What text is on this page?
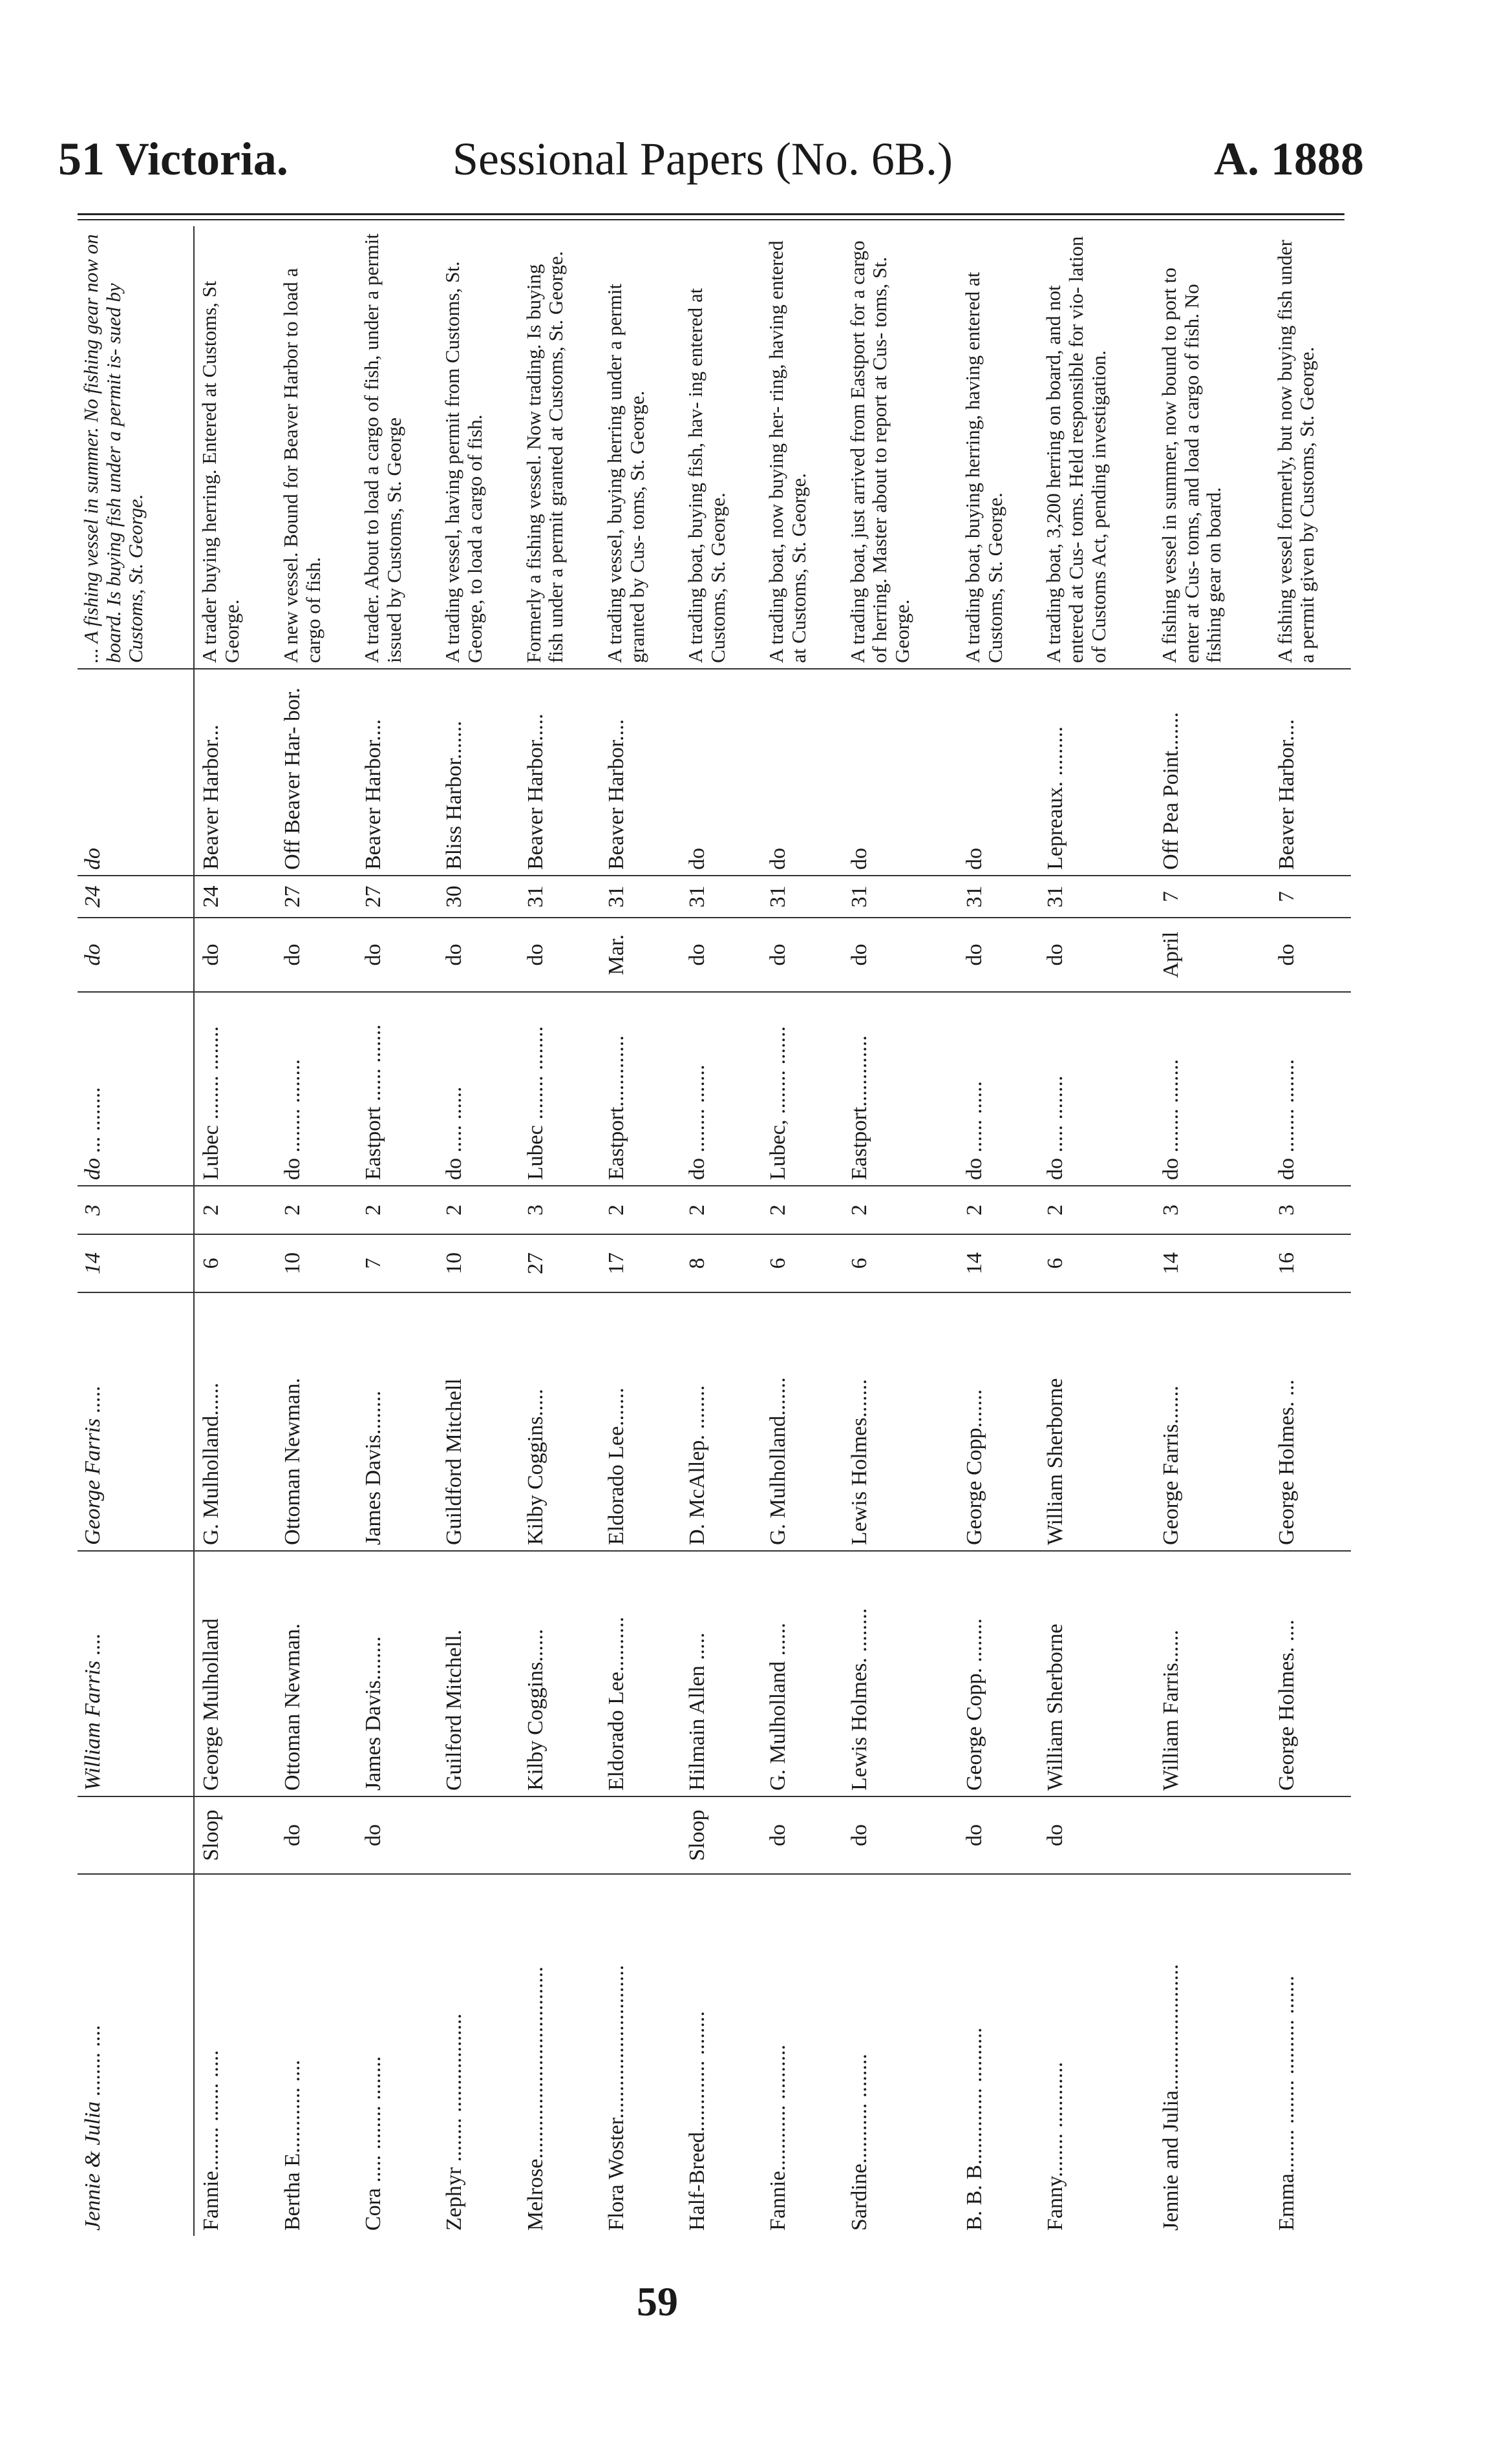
51 Victoria.	Sessional Papers (No. 6B.)	A. 1888
Jennie & Julia ........ ....		William Farris ....	George Farris .....	14	3	do ... ........	do	24	do	... A fishing vessel in summer. No fishing gear now on board. Is buying fish under a permit is- sued by Customs, St. George.
Fannie........ ....... .....	Sloop	George Mulholland	G. Mulholland......	6	2	Lubec ........ ........	do	24	Beaver Harbor...	A trader buying herring. Entered at Customs, St George.
Bertha E............ ....	do	Ottoman Newman.	Ottoman Newman.	10	2	do ........ ........	do	27	Off Beaver Har- bor.	A new vessel. Bound for Beaver Harbor to load a cargo of fish.
Cora ..... ........ ........	do	James Davis........	James Davis........	7	2	Eastport ...... .......	do	27	Beaver Harbor....	A trader. About to load a cargo of fish, under a permit issued by Customs, St. George
Zephyr ........ ..................		Guilford Mitchell.	Guildford Mitchell	10	2	do ..... ......	do	30	Bliss Harbor.......	A trading vessel, having permit from Customs, St. George, to load a cargo of fish.
Melrose...................................		Kilby Coggins......	Kilby Coggins.....	27	3	Lubec ........ ........	do	31	Beaver Harbor.....	Formerly a fishing vessel. Now trading. Is buying fish under a permit granted at Customs, St. George.
Flora Woster............................		Eldorado Lee..........	Eldorado Lee.......	17	2	Eastport.............	Mar.	31	Beaver Harbor....	A trading vessel, buying herring under a permit granted by Cus- toms, St. George.
Half-Breed............. ........	Sloop	Hilmain Allen .....	D. McAllep. ........	8	2	do ........ .......	do	31	do	A trading boat, buying fish, hav- ing entered at Customs, St. George.
Fannie............ ..........	do	G. Mulholland ......	G. Mulholland.......	6	2	Lubec, ........ .......	do	31	do	A trading boat, now buying her- ring, having entered at Customs, St. George.
Sardine........... ........	do	Lewis Holmes. ........	Lewis Holmes.......	6	2	Eastport.............	do	31	do	A trading boat, just arrived from Eastport for a cargo of herring. Master about to report at Cus- toms, St. George.
B. B. B.............. ..........	do	George Copp. ........	George Copp.......	14	2	do ...... ......	do	31	do	A trading boat, buying herring, having entered at Customs, St. George.
Fanny........ ............	do	William Sherborne	William Sherborne	6	2	do ..... ........	do	31	Lepreaux. .........	A trading boat, 3,200 herring on board, and not entered at Cus- toms. Held responsible for vio- lation of Customs Act, pending investigation.
Jennie and Julia.......................		William Farris......	George Farris.......	14	3	do ........ ........	April	7	Off Pea Point.......	A fishing vessel in summer, now bound to port to enter at Cus- toms, and load a cargo of fish. No fishing gear on board.
Emma........ ........ .......... .......		George Holmes. ....	George Holmes. ...	16	3	do ........ ........	do	7	Beaver Harbor....	A fishing vessel formerly, but now buying fish under a permit given by Customs, St. George.
59
